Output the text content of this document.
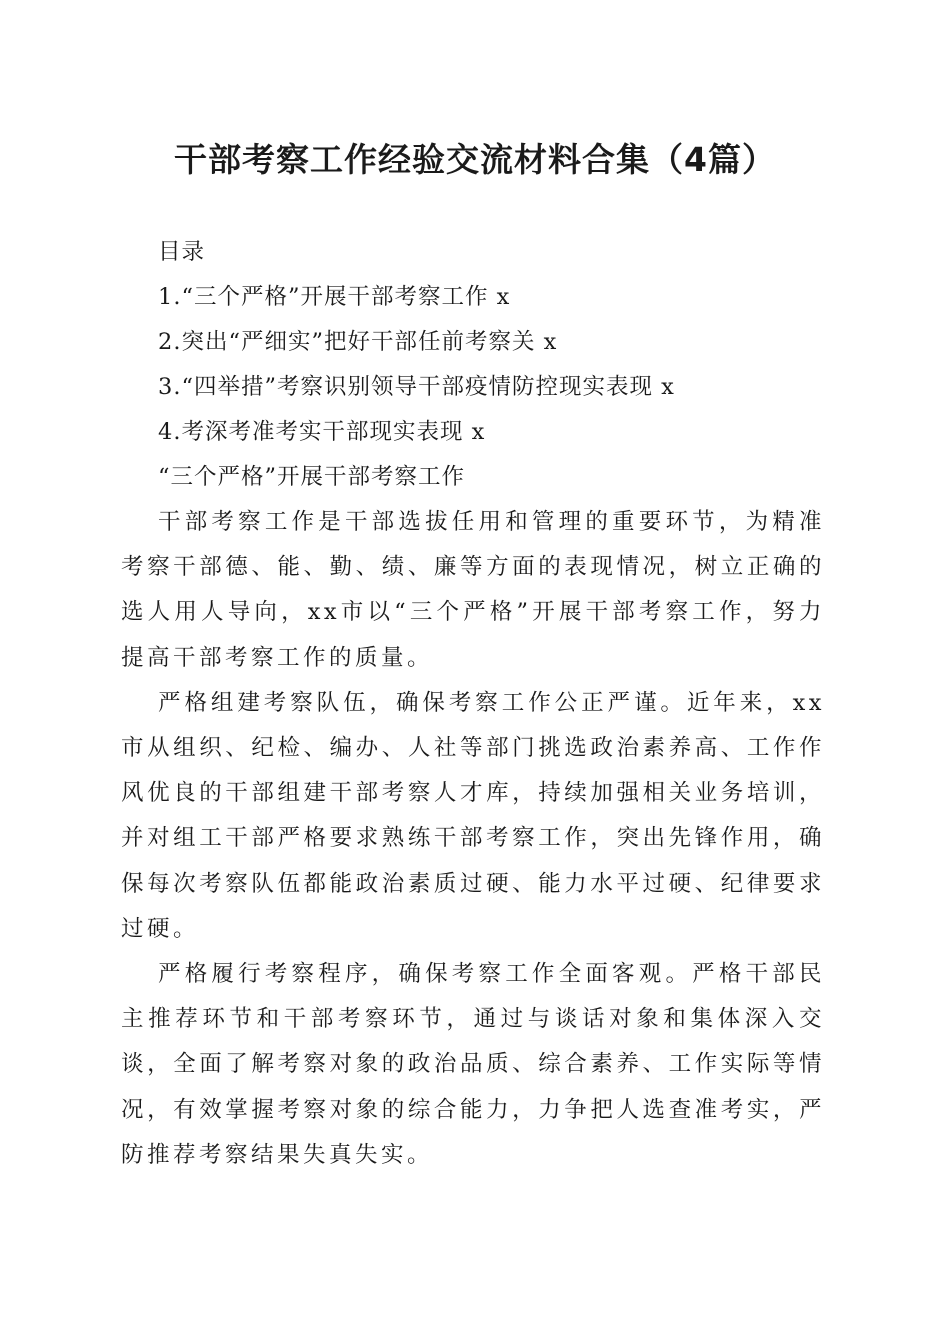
干部考察工作经验交流材料合集（4篇）
目录
1.“三个严格”开展干部考察工作 x
2.突出“严细实”把好干部任前考察关 x
3.“四举措”考察识别领导干部疫情防控现实表现 x
4.考深考准考实干部现实表现 x
“三个严格”开展干部考察工作

干部考察工作是干部选拔任用和管理的重要环节，为精准考察干部德、能、勤、绩、廉等方面的表现情况，树立正确的选人用人导向，xx市以“三个严格”开展干部考察工作，努力提高干部考察工作的质量。

严格组建考察队伍，确保考察工作公正严谨。近年来，xx市从组织、纪检、编办、人社等部门挑选政治素养高、工作作风优良的干部组建干部考察人才库，持续加强相关业务培训，并对组工干部严格要求熟练干部考察工作，突出先锋作用，确保每次考察队伍都能政治素质过硬、能力水平过硬、纪律要求过硬。

严格履行考察程序，确保考察工作全面客观。严格干部民主推荐环节和干部考察环节，通过与谈话对象和集体深入交谈，全面了解考察对象的政治品质、综合素养、工作实际等情况，有效掌握考察对象的综合能力，力争把人选查准考实，严防推荐考察结果失真失实。
